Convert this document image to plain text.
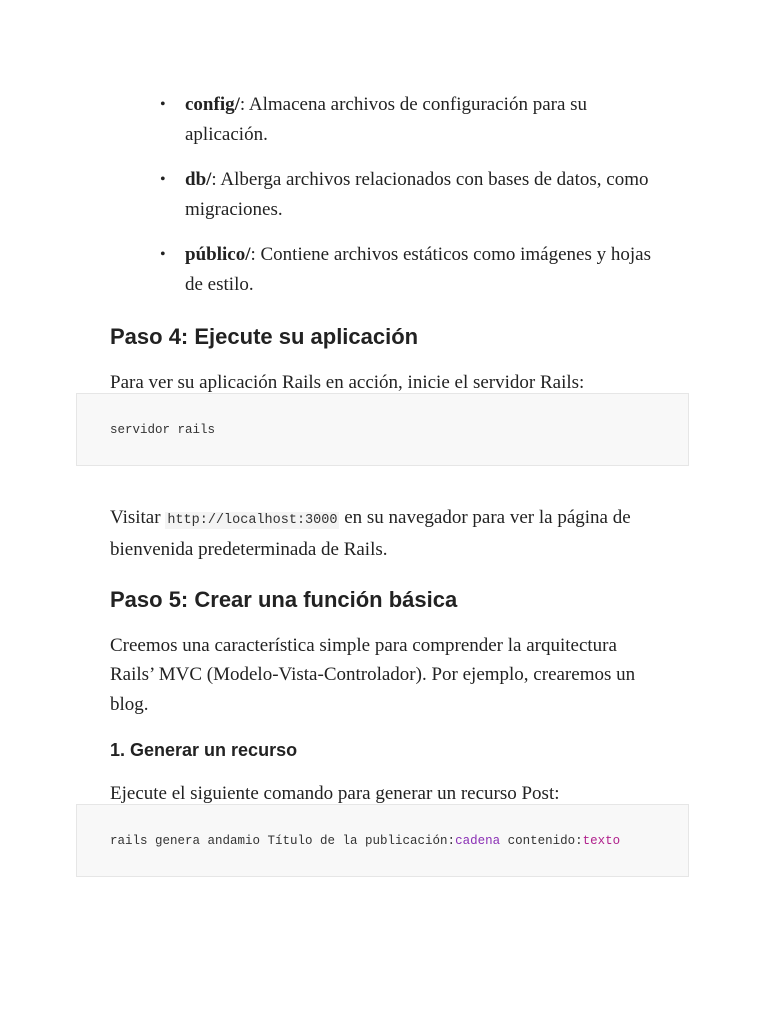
• config/: Almacena archivos de configuración para su aplicación.
• db/: Alberga archivos relacionados con bases de datos, como migraciones.
• público/: Contiene archivos estáticos como imágenes y hojas de estilo.
Paso 4: Ejecute su aplicación

Para ver su aplicación Rails en acción, inicie el servidor Rails:

servidor rails

Visitar http://localhost:3000 en su navegador para ver la página de bienvenida predeterminada de Rails.

Paso 5: Crear una función básica

Creemos una característica simple para comprender la arquitectura Rails’ MVC (Modelo-Vista-Controlador). Por ejemplo, crearemos un blog.

1. Generar un recurso

Ejecute el siguiente comando para generar un recurso Post:

rails genera andamio Título de la publicación:cadena contenido:texto
